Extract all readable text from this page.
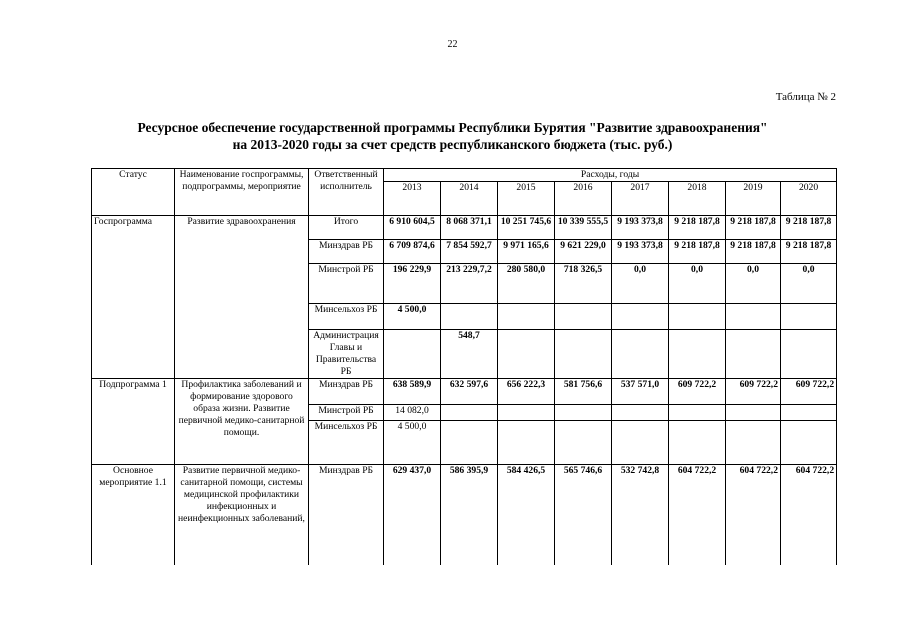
22
Таблица № 2
Ресурсное обеспечение государственной программы Республики Бурятия "Развитие здравоохранения"
на 2013-2020 годы за счет средств республиканского бюджета (тыс. руб.)
Статус	Наименование госпрограммы, подпрограммы, мероприятие	Ответственный исполнитель	Расходы, годы							
			2013	2014	2015	2016	2017	2018	2019	2020
Госпрограмма	Развитие здравоохранения	Итого	6 910 604,5	8 068 371,1	10 251 745,6	10 339 555,5	9 193 373,8	9 218 187,8	9 218 187,8	9 218 187,8
		Минздрав РБ	6 709 874,6	7 854 592,7	9 971 165,6	9 621 229,0	9 193 373,8	9 218 187,8	9 218 187,8	9 218 187,8
		Минстрой РБ	196 229,9	213 229,7,2	280 580,0	718 326,5	0,0	0,0	0,0	0,0
		Минсельхоз РБ	4 500,0							
		Администрация Главы и Правительства РБ		548,7						
Подпрограмма 1	Профилактика заболеваний и формирование здорового образа жизни. Развитие первичной медико-санитарной помощи.	Минздрав РБ	638 589,9	632 597,6	656 222,3	581 756,6	537 571,0	609 722,2	609 722,2	609 722,2
		Минстрой РБ	14 082,0							
		Минсельхоз РБ	4 500,0							
Основное мероприятие 1.1	Развитие первичной медико-санитарной помощи, системы медицинской профилактики инфекционных и неинфекционных заболеваний,	Минздрав РБ	629 437,0	586 395,9	584 426,5	565 746,6	532 742,8	604 722,2	604 722,2	604 722,2
